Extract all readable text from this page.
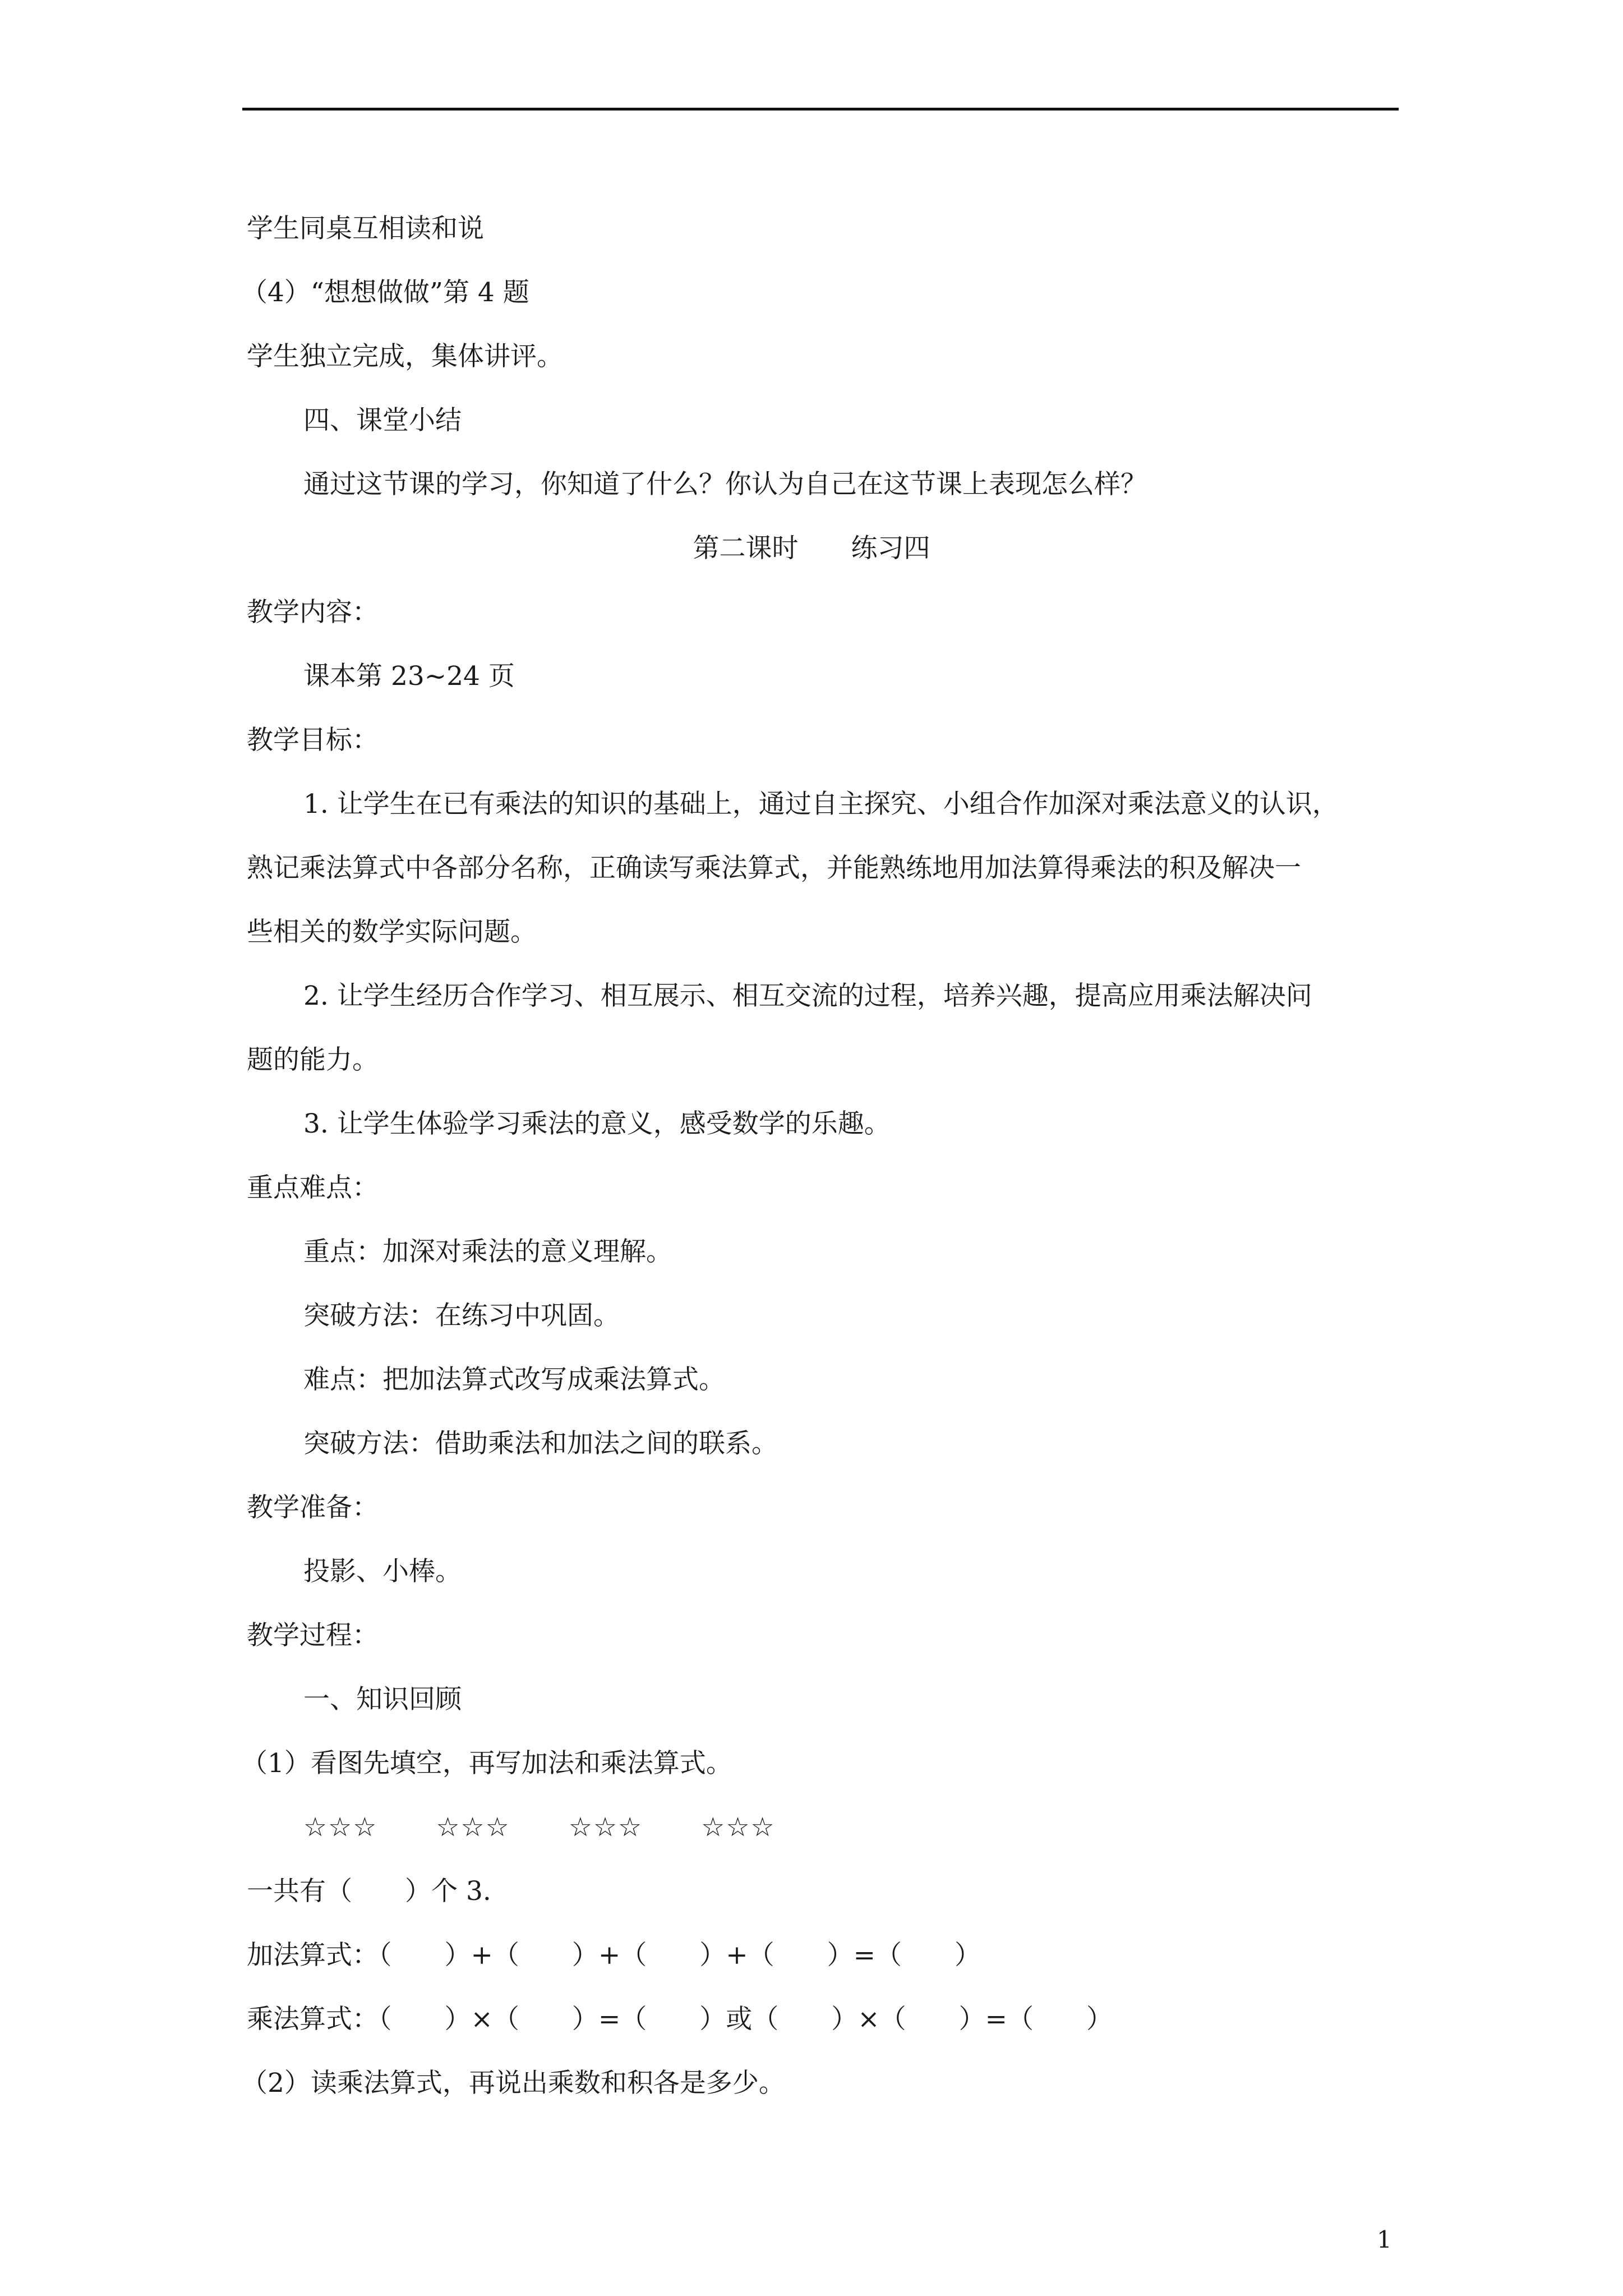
学生同桌互相读和说
（4）“想想做做”第 4 题
学生独立完成，集体讲评。
四、课堂小结
通过这节课的学习，你知道了什么？你认为自己在这节课上表现怎么样？
第二课时　　练习四
教学内容：
课本第 23~24 页
教学目标：
1. 让学生在已有乘法的知识的基础上，通过自主探究、小组合作加深对乘法意义的认识，
熟记乘法算式中各部分名称，正确读写乘法算式，并能熟练地用加法算得乘法的积及解决一
些相关的数学实际问题。
2. 让学生经历合作学习、相互展示、相互交流的过程，培养兴趣，提高应用乘法解决问
题的能力。
3. 让学生体验学习乘法的意义，感受数学的乐趣。
重点难点：
重点：加深对乘法的意义理解。
突破方法：在练习中巩固。
难点：把加法算式改写成乘法算式。
突破方法：借助乘法和加法之间的联系。
教学准备：
投影、小棒。
教学过程：
一、知识回顾
（1）看图先填空，再写加法和乘法算式。
☆☆☆ ☆☆☆ ☆☆☆ ☆☆☆
一共有（　　）个 3.
加法算式：（　　）+（　　）+（　　）+（　　）=（　　）
乘法算式：（　　）×（　　）=（　　）或（　　）×（　　）=（　　）
（2）读乘法算式，再说出乘数和积各是多少。
1
